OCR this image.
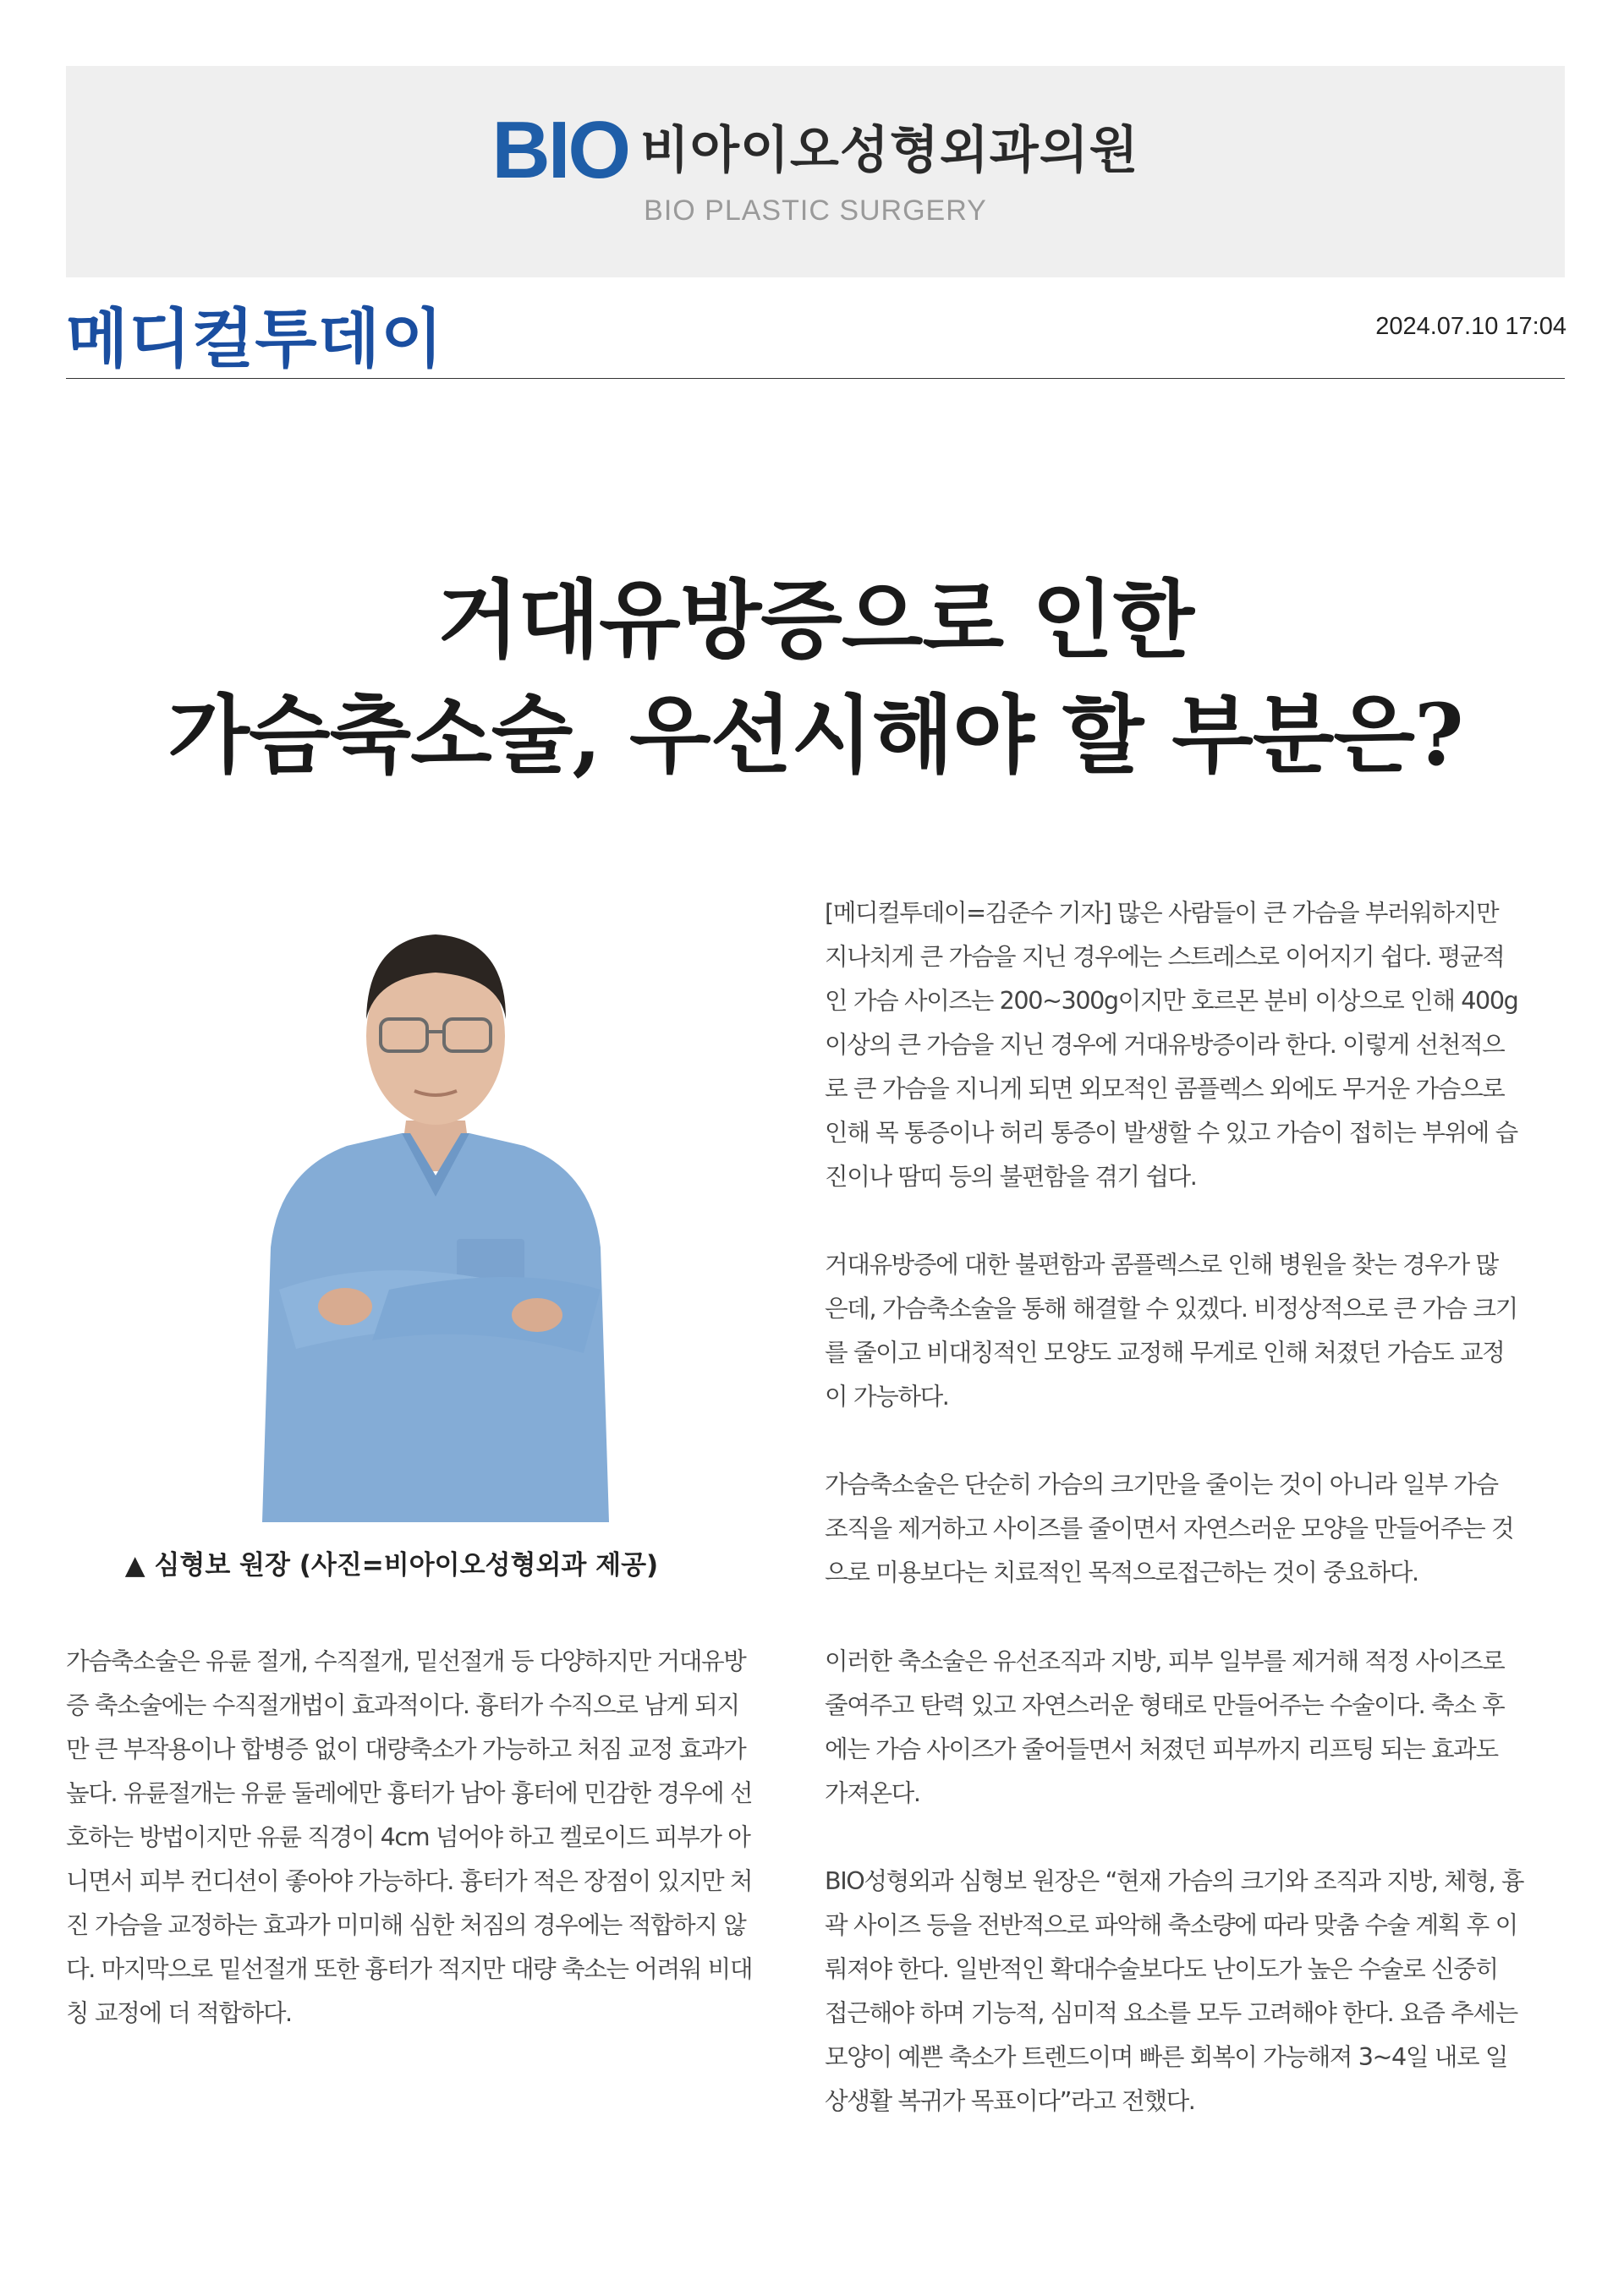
BIO 비아이오성형외과의원
BIO PLASTIC SURGERY
메디컬투데이	2024.07.10 17:04
거대유방증으로 인한
가슴축소술, 우선시해야 할 부분은?
▲ 심형보 원장 (사진=비아이오성형외과 제공)

[메디컬투데이=김준수 기자] 많은 사람들이 큰 가슴을 부러워하지만
지나치게 큰 가슴을 지닌 경우에는 스트레스로 이어지기 쉽다. 평균적
인 가슴 사이즈는 200~300g이지만 호르몬 분비 이상으로 인해 400g
이상의 큰 가슴을 지닌 경우에 거대유방증이라 한다. 이렇게 선천적으
로 큰 가슴을 지니게 되면 외모적인 콤플렉스 외에도 무거운 가슴으로
인해 목 통증이나 허리 통증이 발생할 수 있고 가슴이 접히는 부위에 습
진이나 땀띠 등의 불편함을 겪기 쉽다.

거대유방증에 대한 불편함과 콤플렉스로 인해 병원을 찾는 경우가 많
은데, 가슴축소술을 통해 해결할 수 있겠다. 비정상적으로 큰 가슴 크기
를 줄이고 비대칭적인 모양도 교정해 무게로 인해 처졌던 가슴도 교정
이 가능하다.

가슴축소술은 단순히 가슴의 크기만을 줄이는 것이 아니라 일부 가슴
조직을 제거하고 사이즈를 줄이면서 자연스러운 모양을 만들어주는 것
으로 미용보다는 치료적인 목적으로접근하는 것이 중요하다.

가슴축소술은 유륜 절개, 수직절개, 밑선절개 등 다양하지만 거대유방
증 축소술에는 수직절개법이 효과적이다. 흉터가 수직으로 남게 되지
만 큰 부작용이나 합병증 없이 대량축소가 가능하고 처짐 교정 효과가
높다. 유륜절개는 유륜 둘레에만 흉터가 남아 흉터에 민감한 경우에 선
호하는 방법이지만 유륜 직경이 4cm 넘어야 하고 켈로이드 피부가 아
니면서 피부 컨디션이 좋아야 가능하다. 흉터가 적은 장점이 있지만 처
진 가슴을 교정하는 효과가 미미해 심한 처짐의 경우에는 적합하지 않
다. 마지막으로 밑선절개 또한 흉터가 적지만 대량 축소는 어려워 비대
칭 교정에 더 적합하다.

이러한 축소술은 유선조직과 지방, 피부 일부를 제거해 적정 사이즈로
줄여주고 탄력 있고 자연스러운 형태로 만들어주는 수술이다. 축소 후
에는 가슴 사이즈가 줄어들면서 처졌던 피부까지 리프팅 되는 효과도
가져온다.

BIO성형외과 심형보 원장은 “현재 가슴의 크기와 조직과 지방, 체형, 흉
곽 사이즈 등을 전반적으로 파악해 축소량에 따라 맞춤 수술 계획 후 이
뤄져야 한다. 일반적인 확대수술보다도 난이도가 높은 수술로 신중히
접근해야 하며 기능적, 심미적 요소를 모두 고려해야 한다. 요즘 추세는
모양이 예쁜 축소가 트렌드이며 빠른 회복이 가능해져 3~4일 내로 일
상생활 복귀가 목표이다”라고 전했다.
